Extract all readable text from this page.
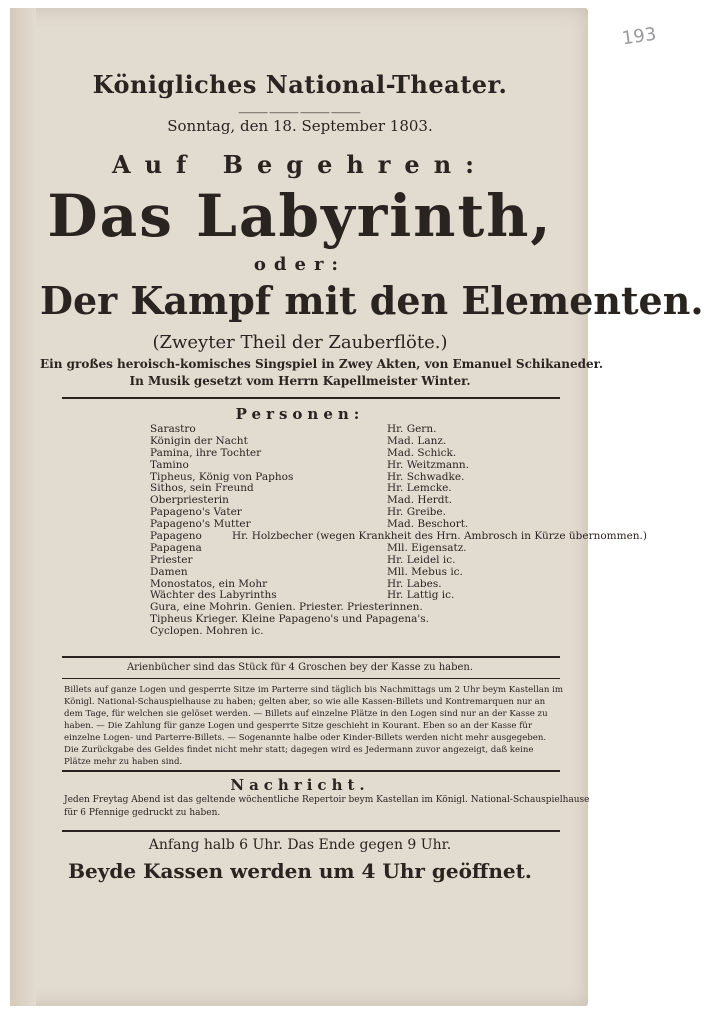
193
Königliches National-Theater.
⸻⸻⸻⸻
Sonntag, den 18. September 1803.
Auf Begehren:
Das Labyrinth,
oder:
Der Kampf mit den Elementen.
(Zweyter Theil der Zauberflöte.)
Ein großes heroisch-komisches Singspiel in Zwey Akten, von Emanuel Schikaneder.
In Musik gesetzt vom Herrn Kapellmeister Winter.
Personen:
Sarastro	Hr. Gern.
Königin der Nacht	Mad. Lanz.
Pamina, ihre Tochter	Mad. Schick.
Tamino	Hr. Weitzmann.
Tipheus, König von Paphos	Hr. Schwadke.
Sithos, sein Freund	Hr. Lemcke.
Oberpriesterin	Mad. Herdt.
Papageno's Vater	Hr. Greibe.
Papageno's Mutter	Mad. Beschort.
Papageno	Hr. Holzbecher (wegen Krankheit des Hrn. Ambrosch in Kürze übernommen.)
Papagena	Mll. Eigensatz.
Priester	Hr. Leidel ic.
Damen	Mll. Mebus ic.
Monostatos, ein Mohr	Hr. Labes.
Wächter des Labyrinths	Hr. Lattig ic.
Gura, eine Mohrin. Genien. Priester. Priesterinnen.
Tipheus Krieger. Kleine Papageno's und Papagena's.
Cyclopen. Mohren ic.
Arienbücher sind das Stück für 4 Groschen bey der Kasse zu haben.
Billets auf ganze Logen und gesperrte Sitze im Parterre sind täglich bis Nachmittags um 2 Uhr beym Kastellan im
Königl. National-Schauspielhause zu haben; gelten aber, so wie alle Kassen-Billets und Kontremarquen nur an
dem Tage, für welchen sie gelöset werden. — Billets auf einzelne Plätze in den Logen sind nur an der Kasse zu
haben. — Die Zahlung für ganze Logen und gesperrte Sitze geschieht in Kourant. Eben so an der Kasse für
einzelne Logen- und Parterre-Billets. — Sogenannte halbe oder Kinder-Billets werden nicht mehr ausgegeben.
Die Zurückgabe des Geldes findet nicht mehr statt; dagegen wird es Jedermann zuvor angezeigt, daß keine
Plätze mehr zu haben sind.
Nachricht.
Jeden Freytag Abend ist das geltende wöchentliche Repertoir beym Kastellan im Königl. National-Schauspielhause
für 6 Pfennige gedruckt zu haben.
Anfang halb 6 Uhr. Das Ende gegen 9 Uhr.
Beyde Kassen werden um 4 Uhr geöffnet.
